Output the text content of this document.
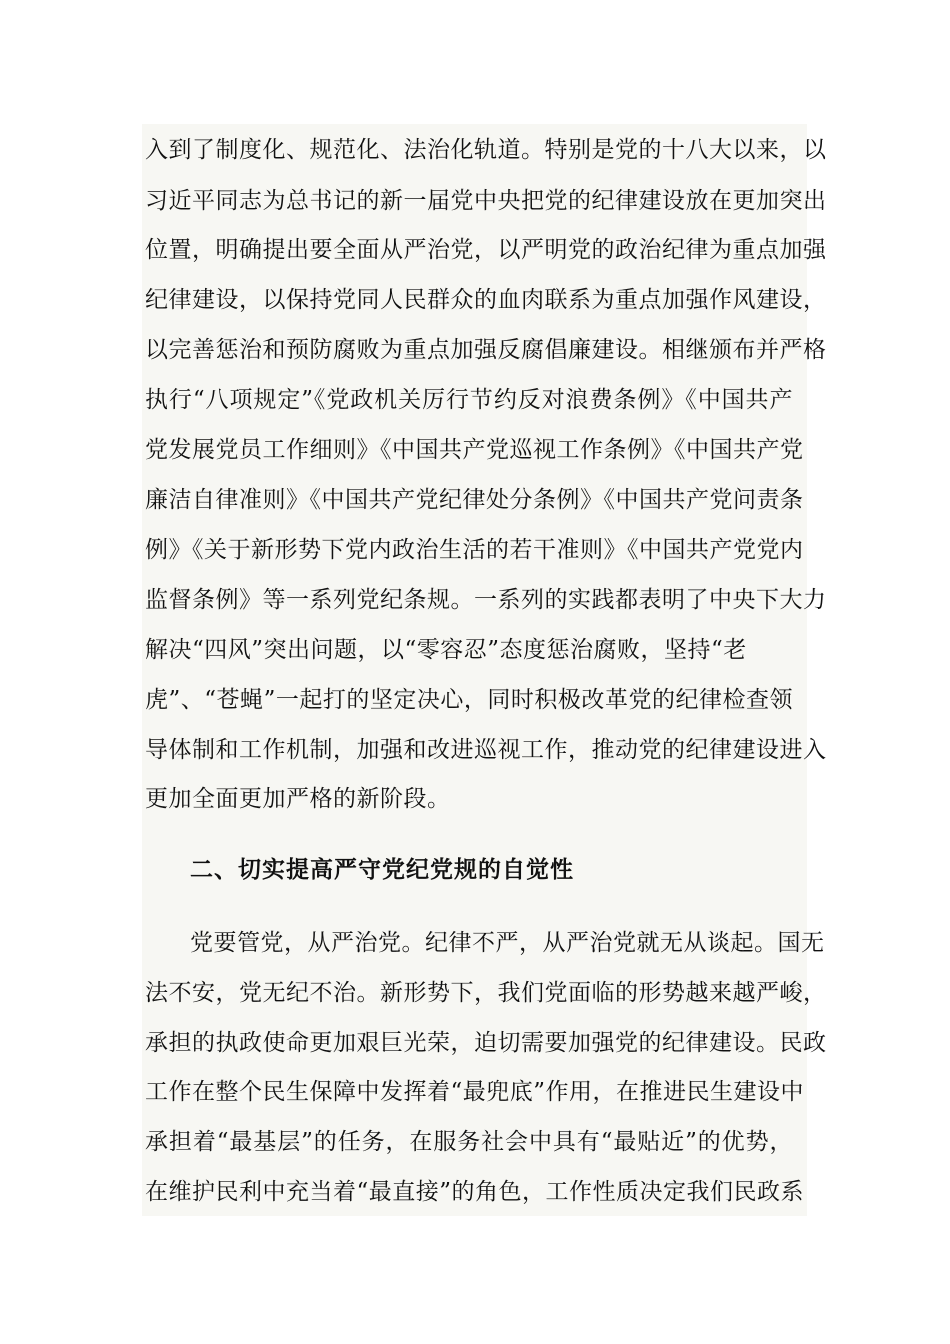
入到了制度化、规范化、法治化轨道。特别是党的十八大以来，以
习近平同志为总书记的新一届党中央把党的纪律建设放在更加突出
位置，明确提出要全面从严治党，以严明党的政治纪律为重点加强
纪律建设，以保持党同人民群众的血肉联系为重点加强作风建设，
以完善惩治和预防腐败为重点加强反腐倡廉建设。相继颁布并严格
执行“八项规定”《党政机关厉行节约反对浪费条例》《中国共产
党发展党员工作细则》《中国共产党巡视工作条例》《中国共产党
廉洁自律准则》《中国共产党纪律处分条例》《中国共产党问责条
例》《关于新形势下党内政治生活的若干准则》《中国共产党党内
监督条例》等一系列党纪条规。一系列的实践都表明了中央下大力
解决“四风”突出问题，以“零容忍”态度惩治腐败，坚持“老
虎”、“苍蝇”一起打的坚定决心，同时积极改革党的纪律检查领
导体制和工作机制，加强和改进巡视工作，推动党的纪律建设进入
更加全面更加严格的新阶段。
二、切实提高严守党纪党规的自觉性
党要管党，从严治党。纪律不严，从严治党就无从谈起。国无
法不安，党无纪不治。新形势下，我们党面临的形势越来越严峻，
承担的执政使命更加艰巨光荣，迫切需要加强党的纪律建设。民政
工作在整个民生保障中发挥着“最兜底”作用，在推进民生建设中
承担着“最基层”的任务，在服务社会中具有“最贴近”的优势，
在维护民利中充当着“最直接”的角色，工作性质决定我们民政系
